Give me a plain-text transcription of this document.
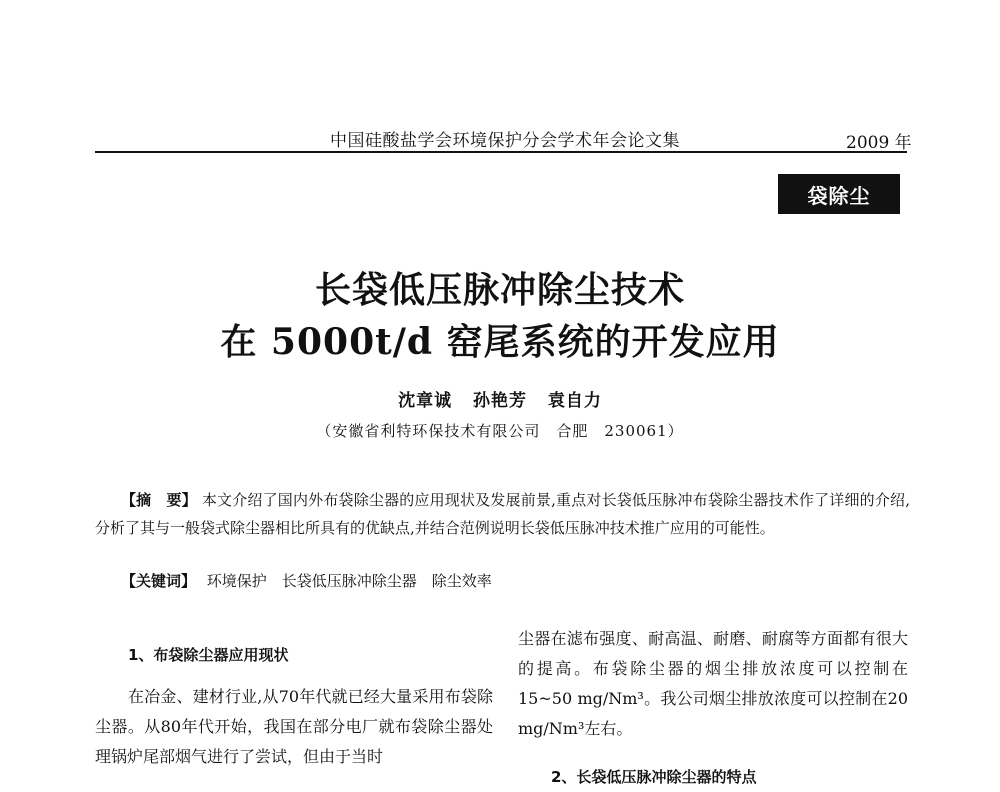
中国硅酸盐学会环境保护分会学术年会论文集	2009 年
袋除尘
长袋低压脉冲除尘技术
在 5000t/d 窑尾系统的开发应用
沈章诚 孙艳芳 袁自力
（安徽省利特环保技术有限公司　合肥　230061）
【摘　要】 本文介绍了国内外布袋除尘器的应用现状及发展前景,重点对长袋低压脉冲布袋除尘器技术作了详细的介绍,分析了其与一般袋式除尘器相比所具有的优缺点,并结合范例说明长袋低压脉冲技术推广应用的可能性。
【关键词】 环境保护　长袋低压脉冲除尘器　除尘效率
1、布袋除尘器应用现状
在冶金、建材行业,从70年代就已经大量采用布袋除尘器。从80年代开始，我国在部分电厂就布袋除尘器处理锅炉尾部烟气进行了尝试，但由于当时
尘器在滤布强度、耐高温、耐磨、耐腐等方面都有很大的提高。布袋除尘器的烟尘排放浓度可以控制在15~50 mg/Nm³。我公司烟尘排放浓度可以控制在20 mg/Nm³左右。
2、长袋低压脉冲除尘器的特点
